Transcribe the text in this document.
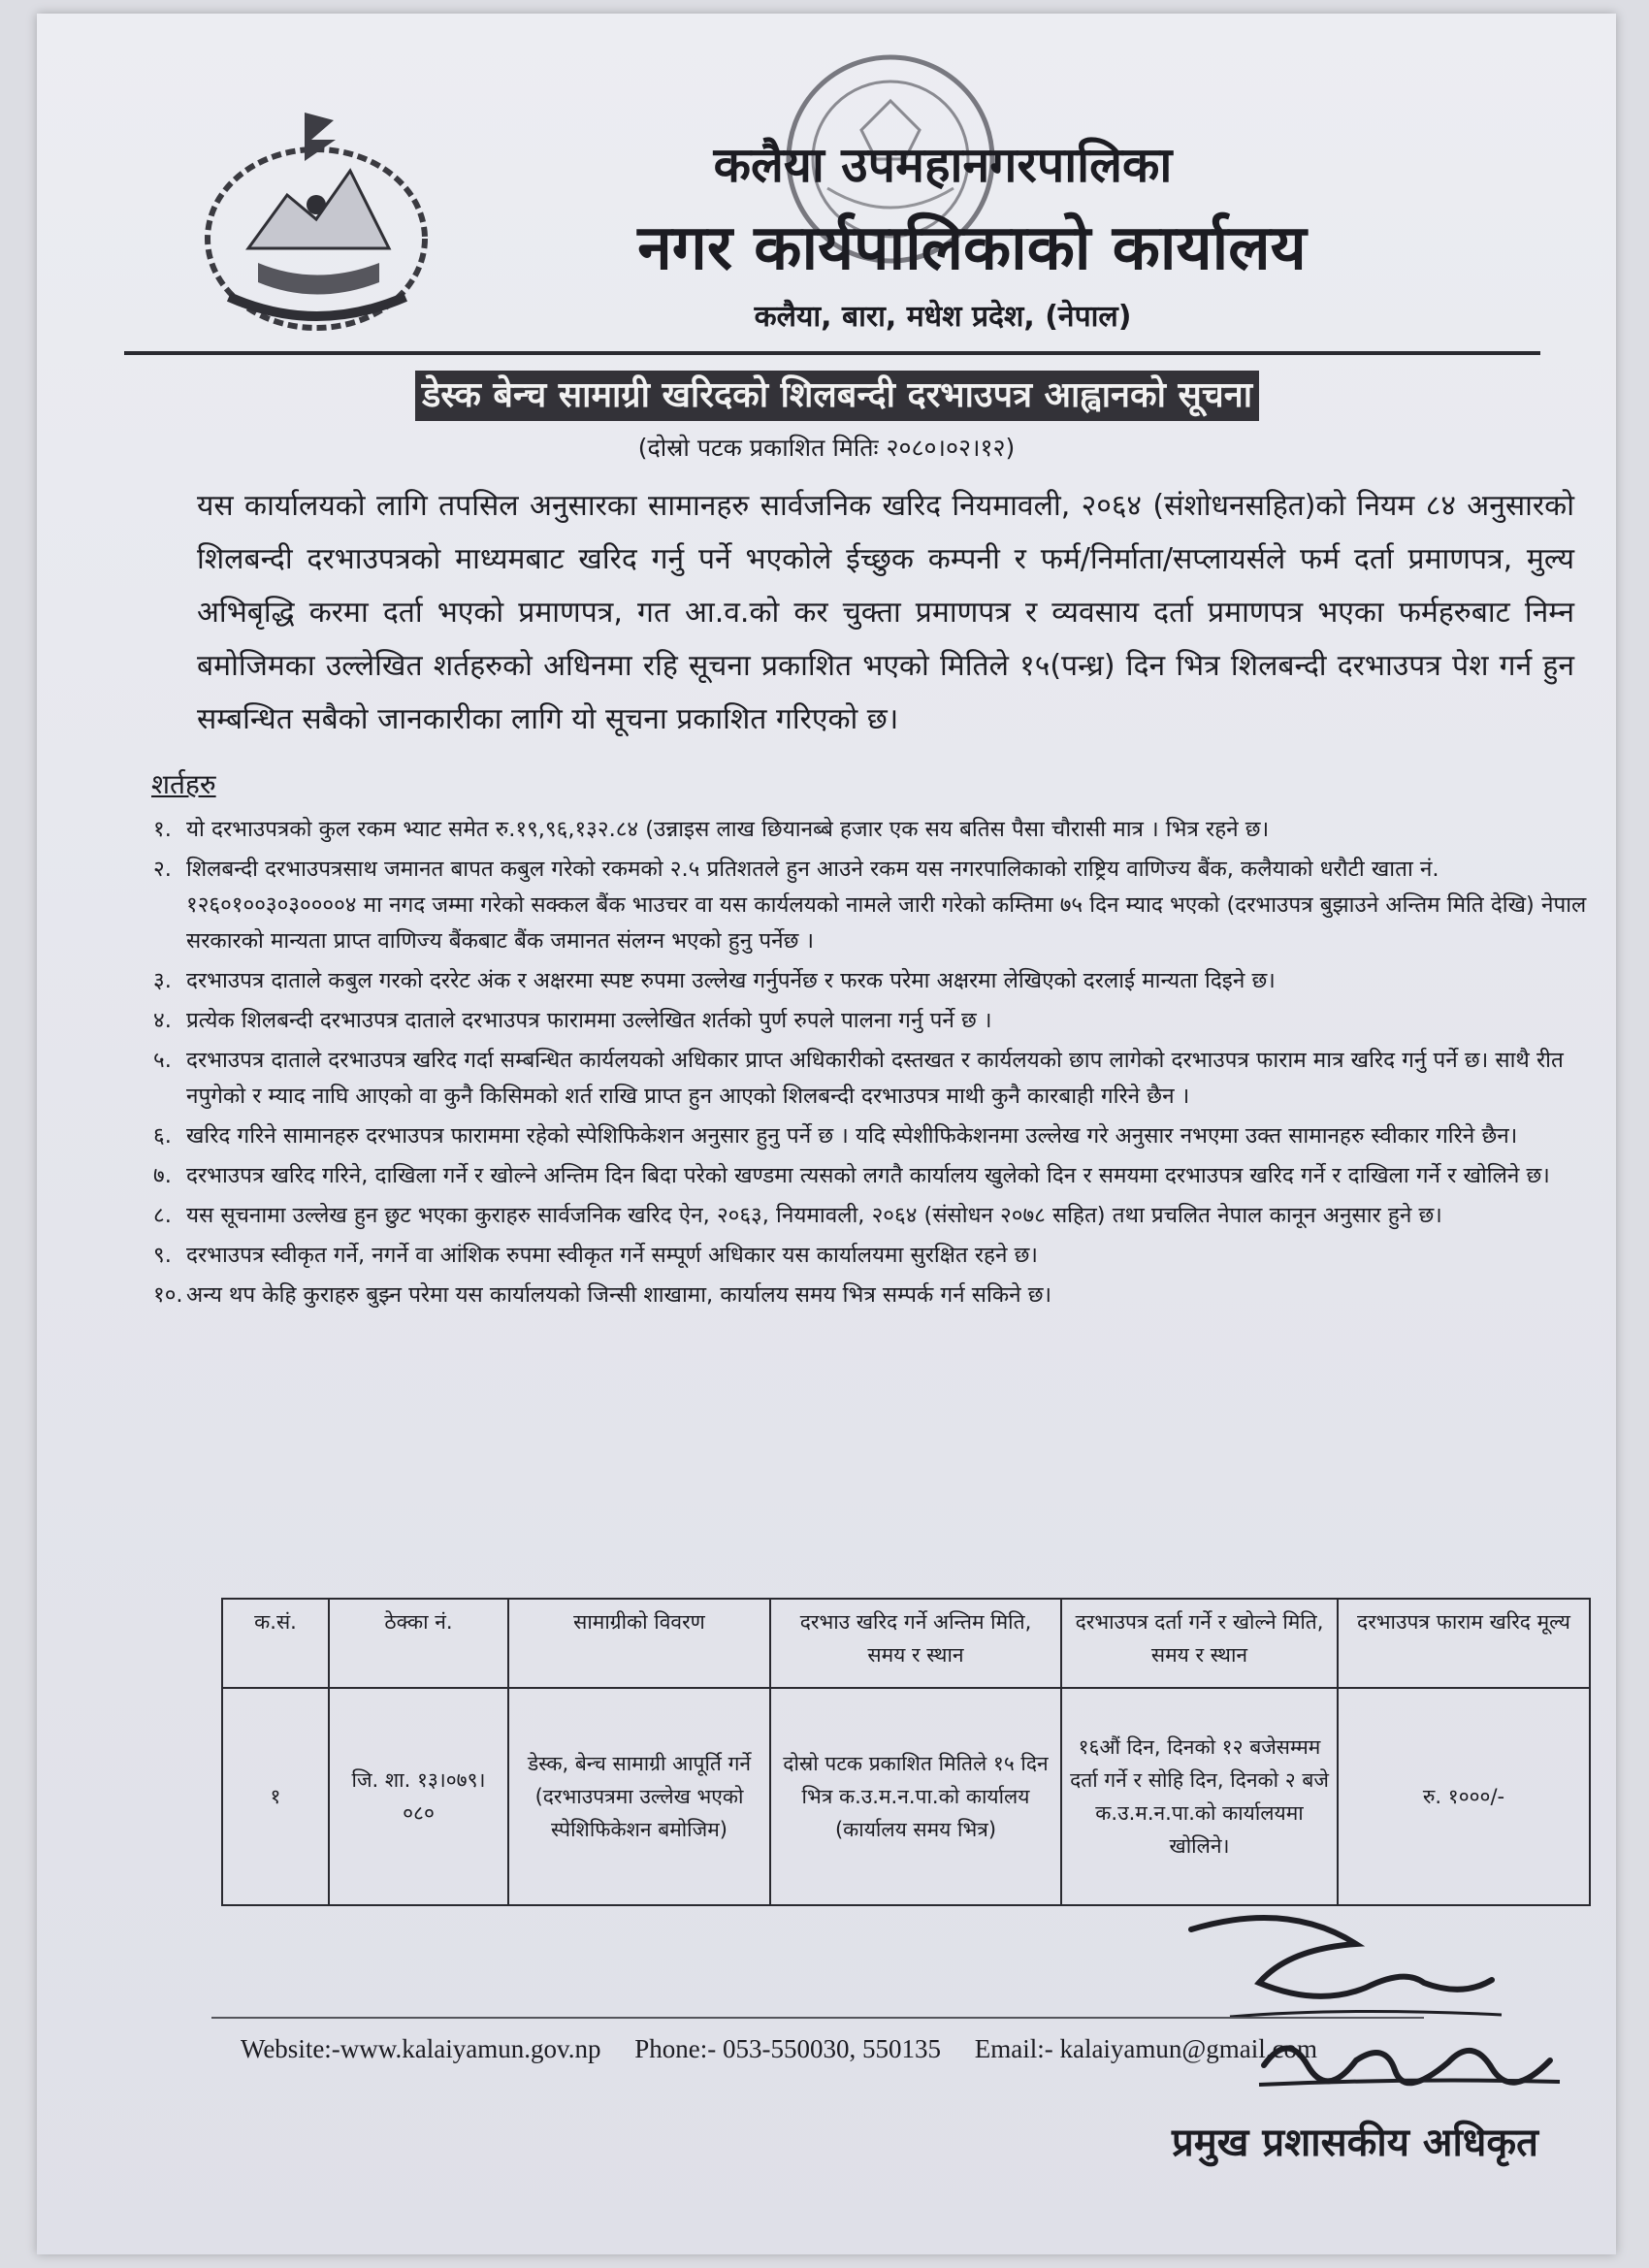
कलैया उपमहानगरपालिका
नगर कार्यपालिकाको कार्यालय
कलैया, बारा, मधेश प्रदेश, (नेपाल)
डेस्क बेन्च सामाग्री खरिदको शिलबन्दी दरभाउपत्र आह्वानको सूचना
(दोस्रो पटक प्रकाशित मितिः २०८०।०२।१२)
यस कार्यालयको लागि तपसिल अनुसारका सामानहरु सार्वजनिक खरिद नियमावली, २०६४ (संशोधनसहित)को नियम ८४ अनुसारको शिलबन्दी दरभाउपत्रको माध्यमबाट खरिद गर्नु पर्ने भएकोले ईच्छुक कम्पनी र फर्म/निर्माता/सप्लायर्सले फर्म दर्ता प्रमाणपत्र, मुल्य अभिबृद्धि करमा दर्ता भएको प्रमाणपत्र, गत आ.व.को कर चुक्ता प्रमाणपत्र र व्यवसाय दर्ता प्रमाणपत्र भएका फर्महरुबाट निम्न बमोजिमका उल्लेखित शर्तहरुको अधिनमा रहि सूचना प्रकाशित भएको मितिले १५(पन्ध्र) दिन भित्र शिलबन्दी दरभाउपत्र पेश गर्न हुन सम्बन्धित सबैको जानकारीका लागि यो सूचना प्रकाशित गरिएको छ।
शर्तहरु
१. यो दरभाउपत्रको कुल रकम भ्याट समेत रु.१९,९६,१३२.८४ (उन्नाइस लाख छियानब्बे हजार एक सय बतिस पैसा चौरासी मात्र । भित्र रहने छ।
२. शिलबन्दी दरभाउपत्रसाथ जमानत बापत कबुल गरेको रकमको २.५ प्रतिशतले हुन आउने रकम यस नगरपालिकाको राष्ट्रिय वाणिज्य बैंक, कलैयाको धरौटी खाता नं. १२६०१००३०३००००४ मा नगद जम्मा गरेको सक्कल बैंक भाउचर वा यस कार्यलयको नामले जारी गरेको कम्तिमा ७५ दिन म्याद भएको (दरभाउपत्र बुझाउने अन्तिम मिति देखि) नेपाल सरकारको मान्यता प्राप्त वाणिज्य बैंकबाट बैंक जमानत संलग्न भएको हुनु पर्नेछ ।
३. दरभाउपत्र दाताले कबुल गरको दररेट अंक र अक्षरमा स्पष्ट रुपमा उल्लेख गर्नुपर्नेछ र फरक परेमा अक्षरमा लेखिएको दरलाई मान्यता दिइने छ।
४. प्रत्येक शिलबन्दी दरभाउपत्र दाताले दरभाउपत्र फाराममा उल्लेखित शर्तको पुर्ण रुपले पालना गर्नु पर्ने छ ।
५. दरभाउपत्र दाताले दरभाउपत्र खरिद गर्दा सम्बन्धित कार्यलयको अधिकार प्राप्त अधिकारीको दस्तखत र कार्यलयको छाप लागेको दरभाउपत्र फाराम मात्र खरिद गर्नु पर्ने छ। साथै रीत नपुगेको र म्याद नाघि आएको वा कुनै किसिमको शर्त राखि प्राप्त हुन आएको शिलबन्दी दरभाउपत्र माथी कुनै कारबाही गरिने छैन ।
६. खरिद गरिने सामानहरु दरभाउपत्र फाराममा रहेको स्पेशिफिकेशन अनुसार हुनु पर्ने छ । यदि स्पेशीफिकेशनमा उल्लेख गरे अनुसार नभएमा उक्त सामानहरु स्वीकार गरिने छैन।
७. दरभाउपत्र खरिद गरिने, दाखिला गर्ने र खोल्ने अन्तिम दिन बिदा परेको खण्डमा त्यसको लगतै कार्यालय खुलेको दिन र समयमा दरभाउपत्र खरिद गर्ने र दाखिला गर्ने र खोलिने छ।
८. यस सूचनामा उल्लेख हुन छुट भएका कुराहरु सार्वजनिक खरिद ऐन, २०६३, नियमावली, २०६४ (संसोधन २०७८ सहित) तथा प्रचलित नेपाल कानून अनुसार हुने छ।
९. दरभाउपत्र स्वीकृत गर्ने, नगर्ने वा आंशिक रुपमा स्वीकृत गर्ने सम्पूर्ण अधिकार यस कार्यालयमा सुरक्षित रहने छ।
१०. अन्य थप केहि कुराहरु बुझ्न परेमा यस कार्यालयको जिन्सी शाखामा, कार्यालय समय भित्र सम्पर्क गर्न सकिने छ।
क.सं.	ठेक्का नं.	सामाग्रीको विवरण	दरभाउ खरिद गर्ने अन्तिम मिति, समय र स्थान	दरभाउपत्र दर्ता गर्ने र खोल्ने मिति, समय र स्थान	दरभाउपत्र फाराम खरिद मूल्य
१	जि. शा. १३।०७९।०८०	डेस्क, बेन्च सामाग्री आपूर्ति गर्ने (दरभाउपत्रमा उल्लेख भएको स्पेशिफिकेशन बमोजिम)	दोस्रो पटक प्रकाशित मितिले १५ दिन भित्र क.उ.म.न.पा.को कार्यालय (कार्यालय समय भित्र)	१६औं दिन, दिनको १२ बजेसम्मम दर्ता गर्ने र सोहि दिन, दिनको २ बजे क.उ.म.न.पा.को कार्यालयमा खोलिने।	रु. १०००/-
Website:-www.kalaiyamun.gov.np Phone:- 053-550030, 550135 Email:- kalaiyamun@gmail.com
प्रमुख प्रशासकीय अधिकृत
